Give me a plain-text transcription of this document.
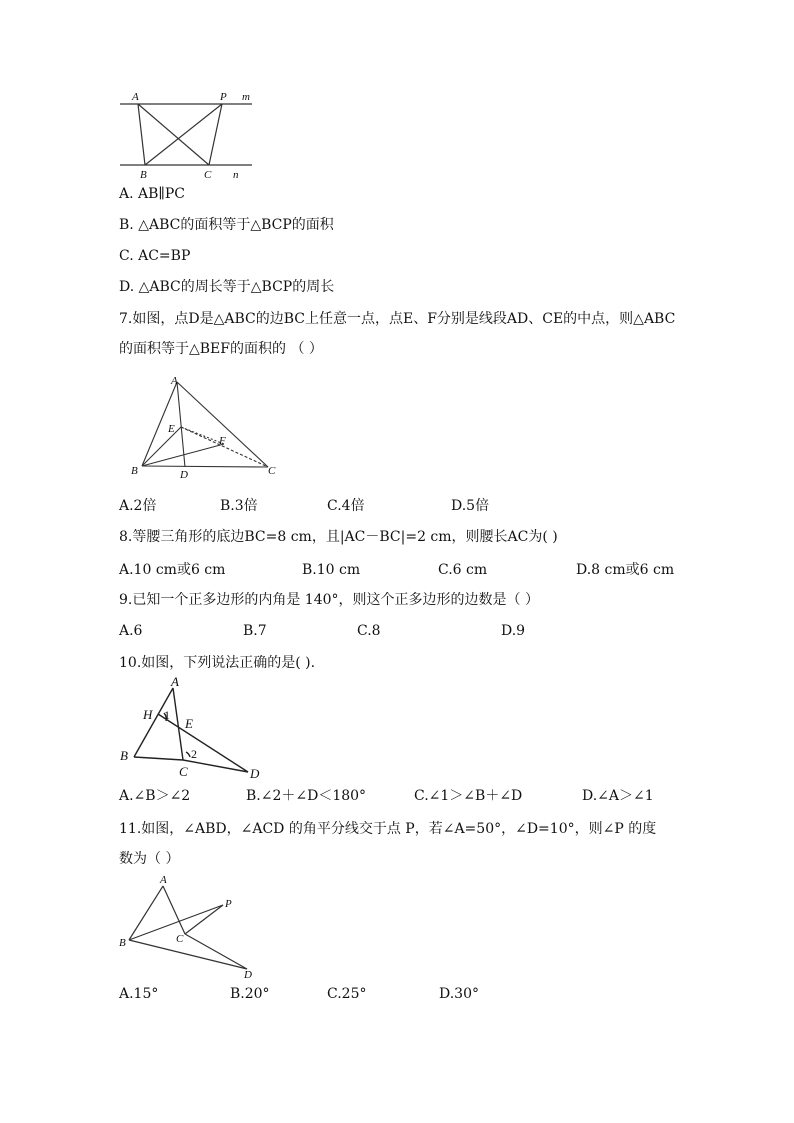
A	P m
B	C n
A. AB∥PC
B. △ABC的面积等于△BCP的面积
C. AC=BP
D. △ABC的周长等于△BCP的周长
7.如图，点D是△ABC的边BC上任意一点，点E、F分别是线段AD、CE的中点，则△ABC
的面积等于△BEF的面积的 （ ）
A
E
F
B	D	C
A.2倍	B.3倍	C.4倍	D.5倍
8.等腰三角形的底边BC=8 cm，且|AC－BC|=2 cm，则腰长AC为( )
A.10 cm或6 cm	B.10 cm	C.6 cm	D.8 cm或6 cm
9.已知一个正多边形的内角是 140°，则这个正多边形的边数是（ ）
A.6	B.7	C.8	D.9
10.如图，下列说法正确的是( ).
A
H 1
E
2
B
C	D
A.∠B＞∠2	B.∠2＋∠D＜180°	C.∠1＞∠B＋∠D	D.∠A＞∠1
11.如图，∠ABD，∠ACD 的角平分线交于点 P，若∠A=50°，∠D=10°，则∠P 的度
数为（ ）
A
P
B	C
D
A.15°	B.20°	C.25°	D.30°
